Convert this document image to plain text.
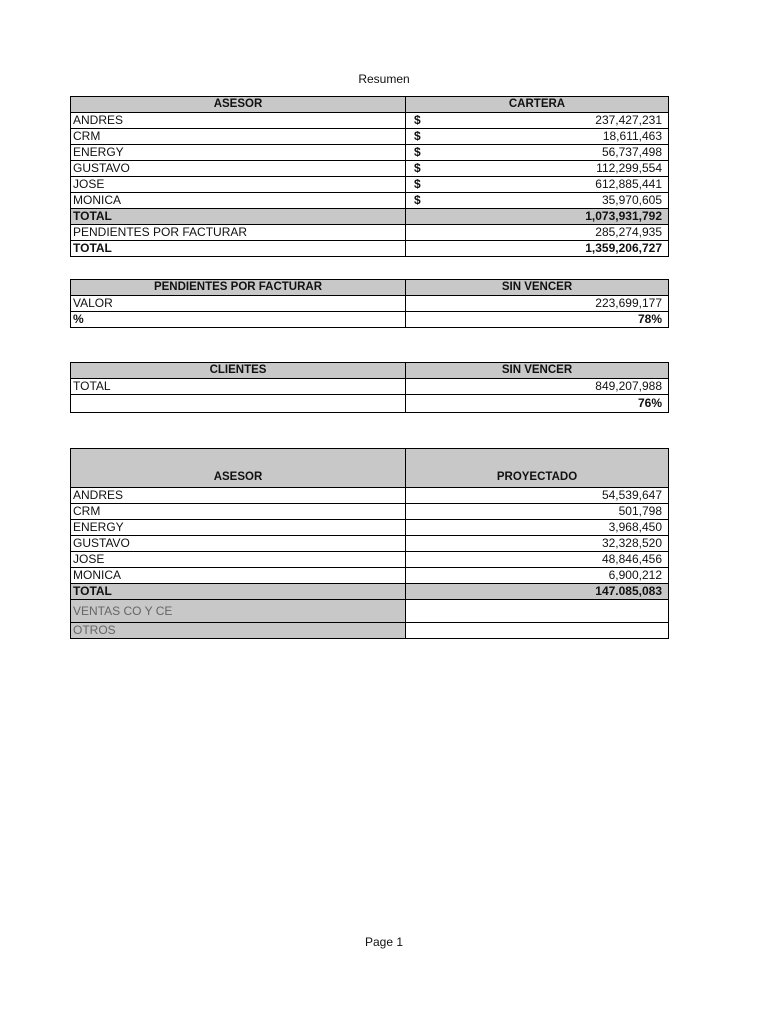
Resumen
ASESOR	CARTERA
ANDRES	$ 237,427,231
CRM	$ 18,611,463
ENERGY	$ 56,737,498
GUSTAVO	$ 112,299,554
JOSE	$ 612,885,441
MONICA	$ 35,970,605
TOTAL	1,073,931,792
PENDIENTES POR FACTURAR	285,274,935
TOTAL	1,359,206,727
PENDIENTES POR FACTURAR	SIN VENCER
VALOR	223,699,177
%	78%
CLIENTES	SIN VENCER
TOTAL	849,207,988
	76%
ASESOR	PROYECTADO
ANDRES	54,539,647
CRM	501,798
ENERGY	3,968,450
GUSTAVO	32,328,520
JOSE	48,846,456
MONICA	6,900,212
TOTAL	147.085,083
VENTAS CO Y CE	
OTROS	
Page 1
